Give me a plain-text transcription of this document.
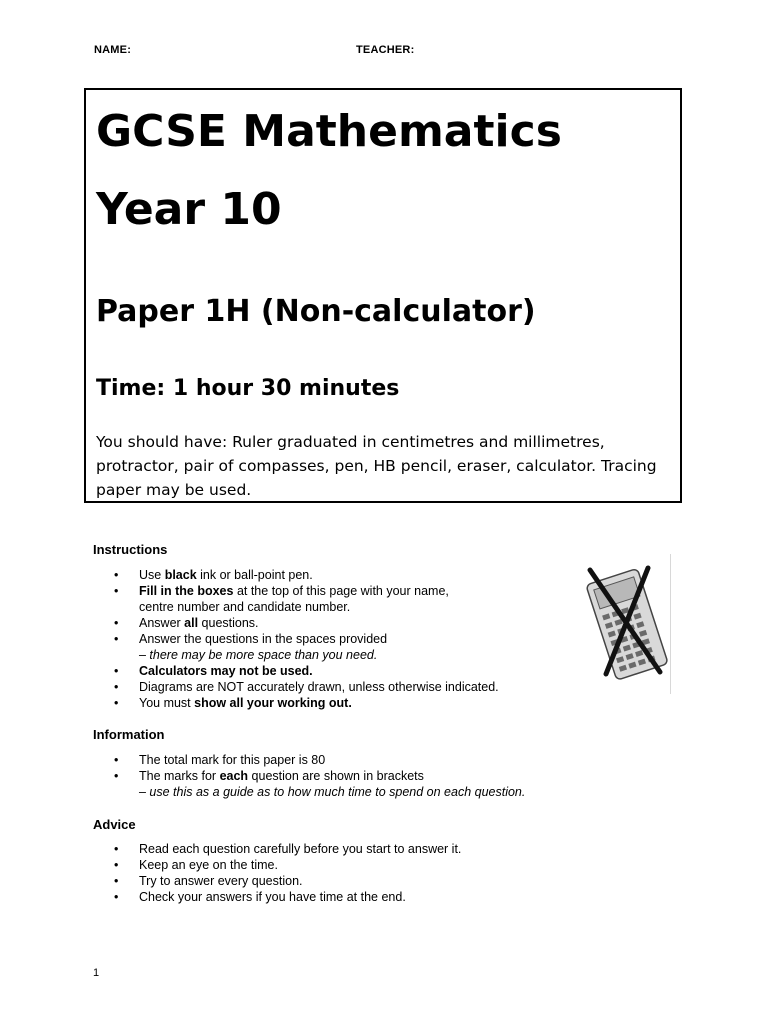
NAME:	TEACHER:
GCSE Mathematics
Year 10
Paper 1H (Non-calculator)
Time: 1 hour 30 minutes
You should have: Ruler graduated in centimetres and millimetres, protractor, pair of compasses, pen, HB pencil, eraser, calculator. Tracing paper may be used.
Instructions
• Use black ink or ball-point pen.
• Fill in the boxes at the top of this page with your name,
centre number and candidate number.
• Answer all questions.
• Answer the questions in the spaces provided
– there may be more space than you need.
• Calculators may not be used.
• Diagrams are NOT accurately drawn, unless otherwise indicated.
• You must show all your working out.
Information
• The total mark for this paper is 80
• The marks for each question are shown in brackets
– use this as a guide as to how much time to spend on each question.
Advice
• Read each question carefully before you start to answer it.
• Keep an eye on the time.
• Try to answer every question.
• Check your answers if you have time at the end.
1
